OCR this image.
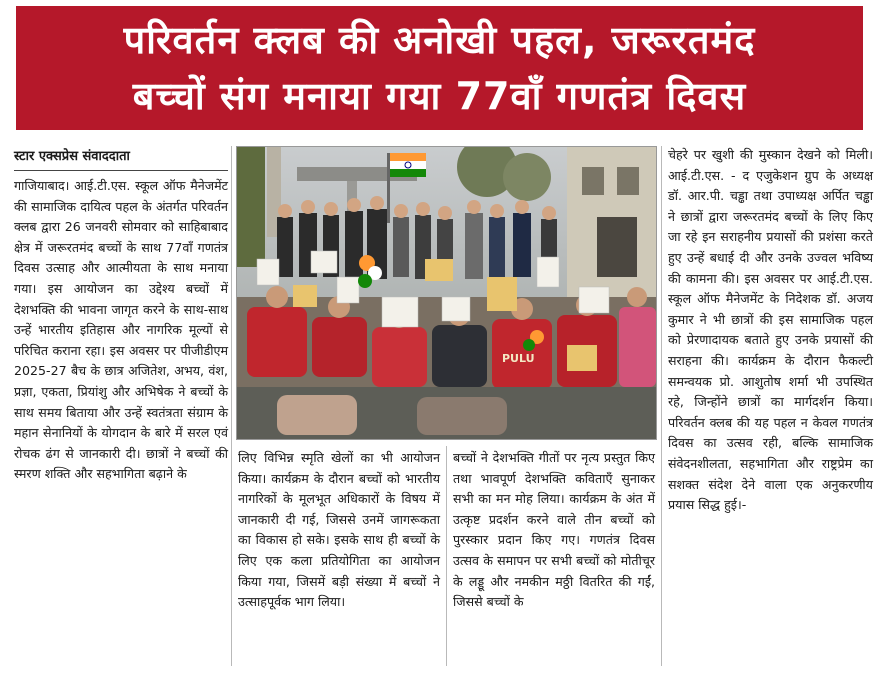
परिवर्तन क्लब की अनोखी पहल, जरूरतमंद
बच्चों संग मनाया गया 77वाँ गणतंत्र दिवस
स्टार एक्सप्रेस संवाददाता

गाजियाबाद। आई.टी.एस. स्कूल ऑफ मैनेजमेंट की सामाजिक दायित्व पहल के अंतर्गत परिवर्तन क्लब द्वारा 26 जनवरी सोमवार को साहिबाबाद क्षेत्र में जरूरतमंद बच्चों के साथ 77वाँ गणतंत्र दिवस उत्साह और आत्मीयता के साथ मनाया गया। इस आयोजन का उद्देश्य बच्चों में देशभक्ति की भावना जागृत करने के साथ-साथ उन्हें भारतीय इतिहास और नागरिक मूल्यों से परिचित कराना रहा। इस अवसर पर पीजीडीएम 2025-27 बैच के छात्र अजितेश, अभय, वंश, प्रज्ञा, एकता, प्रियांशु और अभिषेक ने बच्चों के साथ समय बिताया और उन्हें स्वतंत्रता संग्राम के महान सेनानियों के योगदान के बारे में सरल एवं रोचक ढंग से जानकारी दी। छात्रों ने बच्चों की स्मरण शक्ति और सहभागिता बढ़ाने के

PULU

लिए विभिन्न स्मृति खेलों का भी आयोजन किया। कार्यक्रम के दौरान बच्चों को भारतीय नागरिकों के मूलभूत अधिकारों के विषय में जानकारी दी गई, जिससे उनमें जागरूकता का विकास हो सके। इसके साथ ही बच्चों के लिए एक कला प्रतियोगिता का आयोजन किया गया, जिसमें बड़ी संख्या में बच्चों ने उत्साहपूर्वक भाग लिया।

बच्चों ने देशभक्ति गीतों पर नृत्य प्रस्तुत किए तथा भावपूर्ण देशभक्ति कविताएँ सुनाकर सभी का मन मोह लिया। कार्यक्रम के अंत में उत्कृष्ट प्रदर्शन करने वाले तीन बच्चों को पुरस्कार प्रदान किए गए। गणतंत्र दिवस उत्सव के समापन पर सभी बच्चों को मोतीचूर के लड्डू और नमकीन मठ्ठी वितरित की गईं, जिससे बच्चों के

चेहरे पर खुशी की मुस्कान देखने को मिली। आई.टी.एस. - द एजुकेशन ग्रुप के अध्यक्ष डॉ. आर.पी. चड्ढा तथा उपाध्यक्ष अर्पित चड्ढा ने छात्रों द्वारा जरूरतमंद बच्चों के लिए किए जा रहे इन सराहनीय प्रयासों की प्रशंसा करते हुए उन्हें बधाई दी और उनके उज्वल भविष्य की कामना की। इस अवसर पर आई.टी.एस. स्कूल ऑफ मैनेजमेंट के निदेशक डॉ. अजय कुमार ने भी छात्रों की इस सामाजिक पहल को प्रेरणादायक बताते हुए उनके प्रयासों की सराहना की। कार्यक्रम के दौरान फैकल्टी समन्वयक प्रो. आशुतोष शर्मा भी उपस्थित रहे, जिन्होंने छात्रों का मार्गदर्शन किया। परिवर्तन क्लब की यह पहल न केवल गणतंत्र दिवस का उत्सव रही, बल्कि सामाजिक संवेदनशीलता, सहभागिता और राष्ट्रप्रेम का सशक्त संदेश देने वाला एक अनुकरणीय प्रयास सिद्ध हुई।-
